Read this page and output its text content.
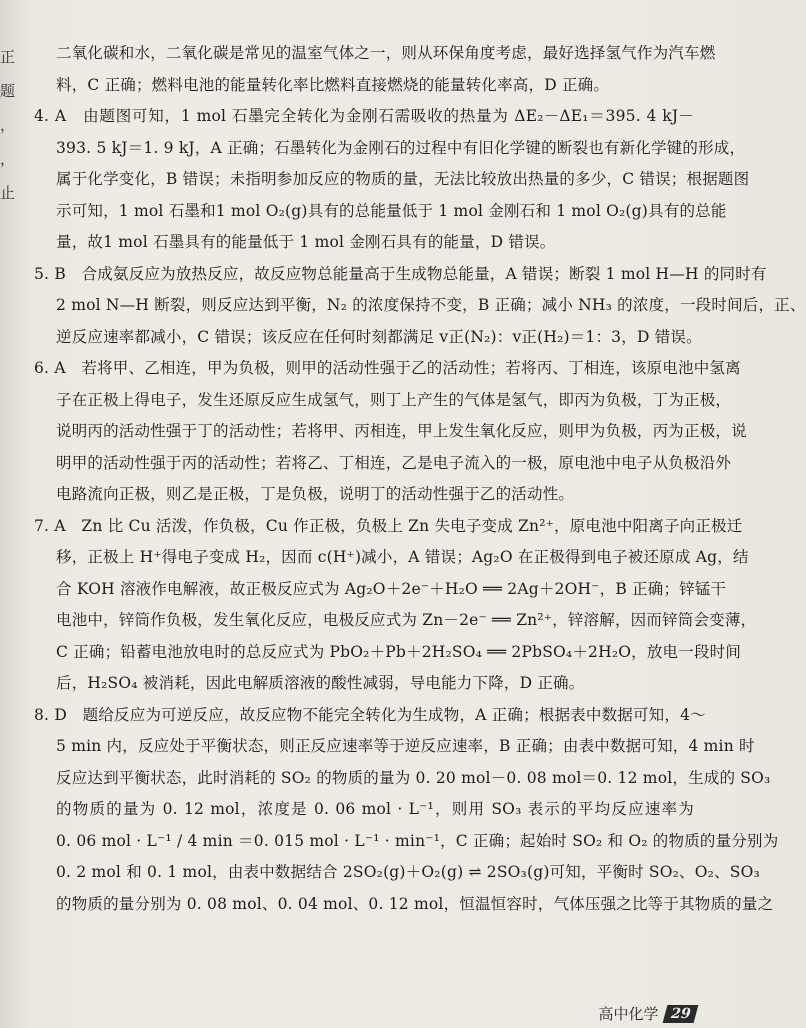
正
题
，
，
止
二氧化碳和水，二氧化碳是常见的温室气体之一，则从环保角度考虑，最好选择氢气作为汽车燃
料，C 正确；燃料电池的能量转化率比燃料直接燃烧的能量转化率高，D 正确。
4. A　由题图可知，1 mol 石墨完全转化为金刚石需吸收的热量为 ΔE₂－ΔE₁＝395. 4 kJ－
393. 5 kJ＝1. 9 kJ，A 正确；石墨转化为金刚石的过程中有旧化学键的断裂也有新化学键的形成，
属于化学变化，B 错误；未指明参加反应的物质的量，无法比较放出热量的多少，C 错误；根据题图
示可知，1 mol 石墨和1 mol O₂(g)具有的总能量低于 1 mol 金刚石和 1 mol O₂(g)具有的总能
量，故1 mol 石墨具有的能量低于 1 mol 金刚石具有的能量，D 错误。
5. B　合成氨反应为放热反应，故反应物总能量高于生成物总能量，A 错误；断裂 1 mol H—H 的同时有
2 mol N—H 断裂，则反应达到平衡，N₂ 的浓度保持不变，B 正确；减小 NH₃ 的浓度，一段时间后，正、
逆反应速率都减小，C 错误；该反应在任何时刻都满足 v正(N₂)：v正(H₂)＝1：3，D 错误。
6. A　若将甲、乙相连，甲为负极，则甲的活动性强于乙的活动性；若将丙、丁相连，该原电池中氢离
子在正极上得电子，发生还原反应生成氢气，则丁上产生的气体是氢气，即丙为负极，丁为正极，
说明丙的活动性强于丁的活动性；若将甲、丙相连，甲上发生氧化反应，则甲为负极，丙为正极，说
明甲的活动性强于丙的活动性；若将乙、丁相连，乙是电子流入的一极，原电池中电子从负极沿外
电路流向正极，则乙是正极，丁是负极，说明丁的活动性强于乙的活动性。
7. A　Zn 比 Cu 活泼，作负极，Cu 作正极，负极上 Zn 失电子变成 Zn²⁺，原电池中阳离子向正极迁
移，正极上 H⁺得电子变成 H₂，因而 c(H⁺)减小，A 错误；Ag₂O 在正极得到电子被还原成 Ag，结
合 KOH 溶液作电解液，故正极反应式为 Ag₂O＋2e⁻＋H₂O ══ 2Ag＋2OH⁻，B 正确；锌锰干
电池中，锌筒作负极，发生氧化反应，电极反应式为 Zn－2e⁻ ══ Zn²⁺，锌溶解，因而锌筒会变薄，
C 正确；铅蓄电池放电时的总反应式为 PbO₂＋Pb＋2H₂SO₄ ══ 2PbSO₄＋2H₂O，放电一段时间
后，H₂SO₄ 被消耗，因此电解质溶液的酸性减弱，导电能力下降，D 正确。
8. D　题给反应为可逆反应，故反应物不能完全转化为生成物，A 正确；根据表中数据可知，4～
5 min 内，反应处于平衡状态，则正反应速率等于逆反应速率，B 正确；由表中数据可知，4 min 时
反应达到平衡状态，此时消耗的 SO₂ 的物质的量为 0. 20 mol－0. 08 mol＝0. 12 mol，生成的 SO₃
的物质的量为 0. 12 mol，浓度是 0. 06 mol · L⁻¹，则用 SO₃ 表示的平均反应速率为
0. 06 mol · L⁻¹ / 4 min ＝0. 015 mol · L⁻¹ · min⁻¹，C 正确；起始时 SO₂ 和 O₂ 的物质的量分别为
0. 2 mol 和 0. 1 mol，由表中数据结合 2SO₂(g)＋O₂(g) ⇌ 2SO₃(g)可知，平衡时 SO₂、O₂、SO₃
的物质的量分别为 0. 08 mol、0. 04 mol、0. 12 mol，恒温恒容时，气体压强之比等于其物质的量之
高中化学 29
